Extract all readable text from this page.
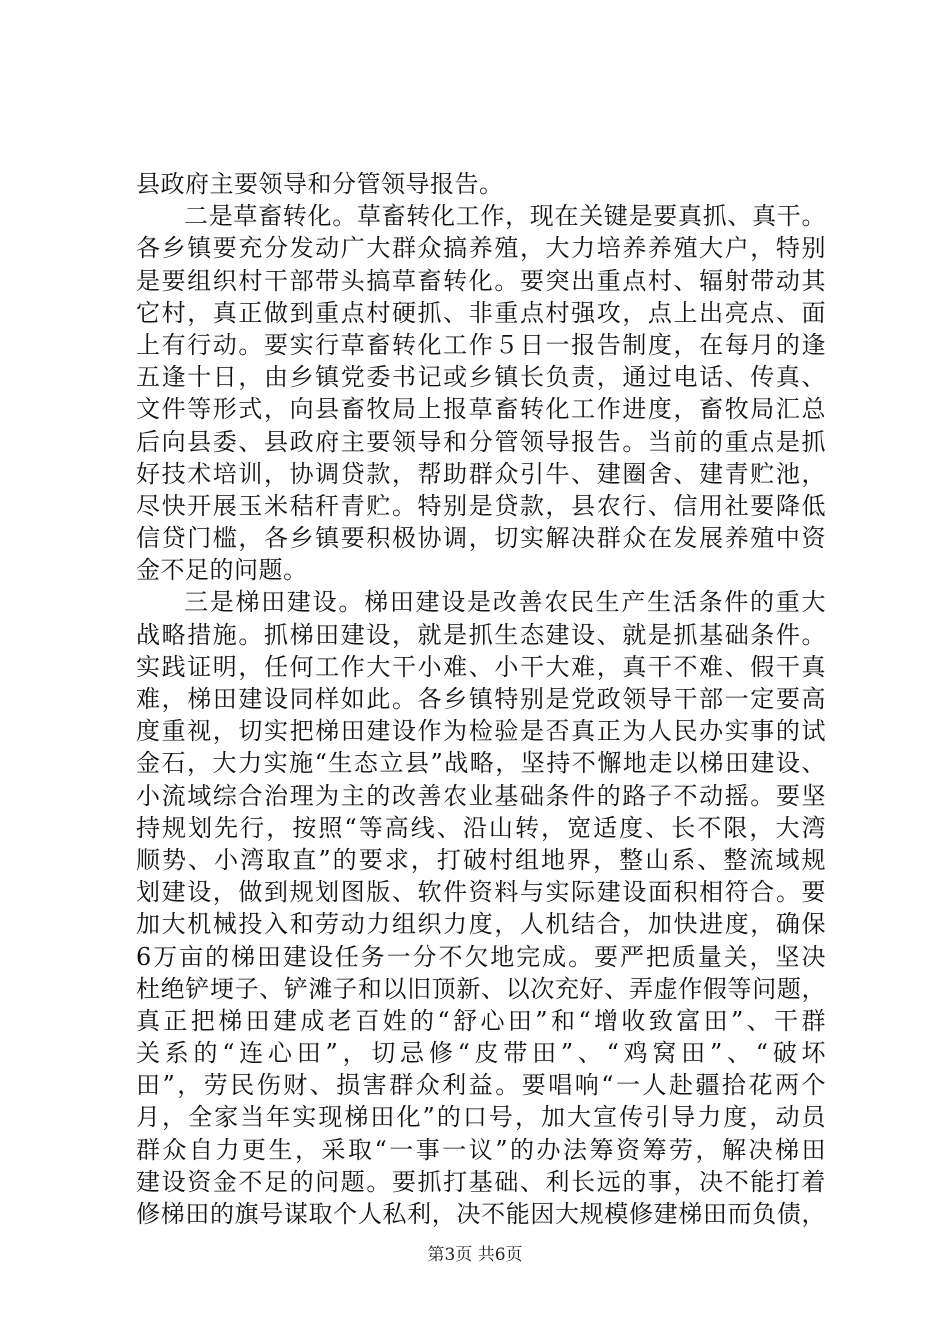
县政府主要领导和分管领导报告。
二是草畜转化。草畜转化工作，现在关键是要真抓、真干。
各乡镇要充分发动广大群众搞养殖，大力培养养殖大户，特别
是要组织村干部带头搞草畜转化。要突出重点村、辐射带动其
它村，真正做到重点村硬抓、非重点村强攻，点上出亮点、面
上有行动。要实行草畜转化工作５日一报告制度，在每月的逢
五逢十日，由乡镇党委书记或乡镇长负责，通过电话、传真、
文件等形式，向县畜牧局上报草畜转化工作进度，畜牧局汇总
后向县委、县政府主要领导和分管领导报告。当前的重点是抓
好技术培训，协调贷款，帮助群众引牛、建圈舍、建青贮池，
尽快开展玉米秸秆青贮。特别是贷款，县农行、信用社要降低
信贷门槛，各乡镇要积极协调，切实解决群众在发展养殖中资
金不足的问题。
三是梯田建设。梯田建设是改善农民生产生活条件的重大
战略措施。抓梯田建设，就是抓生态建设、就是抓基础条件。
实践证明，任何工作大干小难、小干大难，真干不难、假干真
难，梯田建设同样如此。各乡镇特别是党政领导干部一定要高
度重视，切实把梯田建设作为检验是否真正为人民办实事的试
金石，大力实施“生态立县”战略，坚持不懈地走以梯田建设、
小流域综合治理为主的改善农业基础条件的路子不动摇。要坚
持规划先行，按照“等高线、沿山转，宽适度、长不限，大湾
顺势、小湾取直”的要求，打破村组地界，整山系、整流域规
划建设，做到规划图版、软件资料与实际建设面积相符合。要
加大机械投入和劳动力组织力度，人机结合，加快进度，确保
6万亩的梯田建设任务一分不欠地完成。要严把质量关，坚决
杜绝铲埂子、铲滩子和以旧顶新、以次充好、弄虚作假等问题，
真正把梯田建成老百姓的“舒心田”和“增收致富田”、干群
关系的“连心田”，切忌修“皮带田”、“鸡窝田”、“破坏
田”，劳民伤财、损害群众利益。要唱响“一人赴疆拾花两个
月，全家当年实现梯田化”的口号，加大宣传引导力度，动员
群众自力更生，采取“一事一议”的办法筹资筹劳，解决梯田
建设资金不足的问题。要抓打基础、利长远的事，决不能打着
修梯田的旗号谋取个人私利，决不能因大规模修建梯田而负债，
第3页 共6页
